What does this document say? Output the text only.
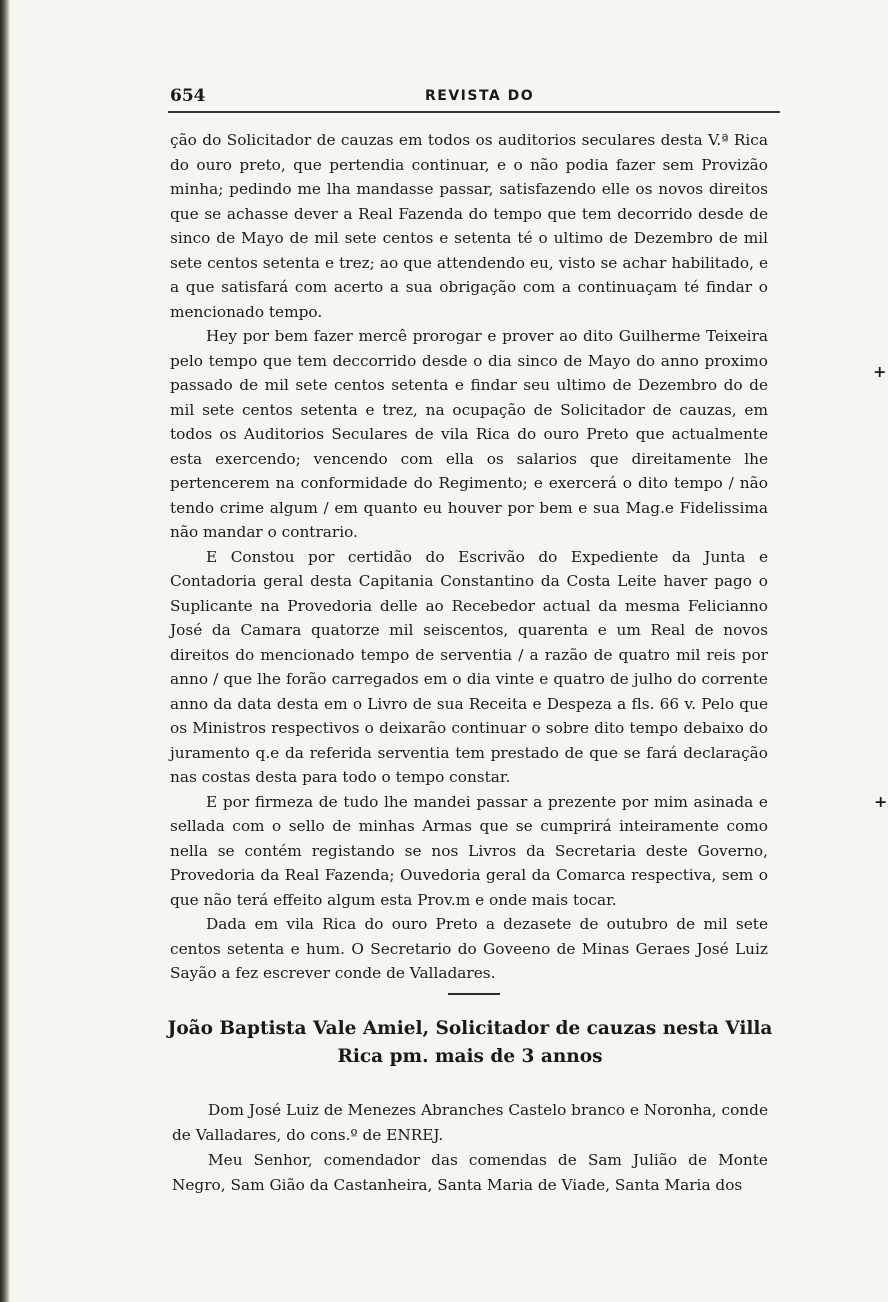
654	REVISTA DO

ção do Solicitador de cauzas em todos os auditorios seculares desta V.ª Rica do ouro preto, que pertendia continuar, e o não podia fazer sem Provizão minha; pedindo me lha mandasse passar, satisfazendo elle os novos direitos que se achasse dever a Real Fazenda do tempo que tem decorrido desde de sinco de Mayo de mil sete centos e setenta té o ultimo de Dezembro de mil sete centos setenta e trez; ao que attendendo eu, visto se achar habilitado, e a que satisfará com acerto a sua obrigação com a continuaçam té findar o mencionado tempo.

Hey por bem fazer mercê prorogar e prover ao dito Guilherme Teixeira pelo tempo que tem deccorrido desde o dia sinco de Mayo do anno proximo passado de mil sete centos setenta e findar seu ultimo de Dezembro do de mil sete centos setenta e trez, na ocupação de Solicitador de cauzas, em todos os Auditorios Seculares de vila Rica do ouro Preto que actualmente esta exercendo; vencendo com ella os salarios que direitamente lhe pertencerem na conformidade do Regimento; e exercerá o dito tempo / não tendo crime algum / em quanto eu houver por bem e sua Mag.e Fidelissima não mandar o contrario.

E Constou por certidão do Escrivão do Expediente da Junta e Contadoria geral desta Capitania Constantino da Costa Leite haver pago o Suplicante na Provedoria delle ao Recebedor actual da mesma Felicianno José da Camara quatorze mil seiscentos, quarenta e um Real de novos direitos do mencionado tempo de serventia / a razão de quatro mil reis por anno / que lhe forão carregados em o dia vinte e quatro de julho do corrente anno da data desta em o Livro de sua Receita e Despeza a fls. 66 v. Pelo que os Ministros respectivos o deixarão continuar o sobre dito tempo debaixo do juramento q.e da referida serventia tem prestado de que se fará declaração nas costas desta para todo o tempo constar.

E por firmeza de tudo lhe mandei passar a prezente por mim asinada e sellada com o sello de minhas Armas que se cumprirá inteiramente como nella se contém registando se nos Livros da Secretaria deste Governo, Provedoria da Real Fazenda; Ouvedoria geral da Comarca respectiva, sem o que não terá effeito algum esta Prov.m e onde mais tocar.

Dada em vila Rica do ouro Preto a dezasete de outubro de mil sete centos setenta e hum. O Secretario do Goveeno de Minas Geraes José Luiz Sayão a fez escrever conde de Valladares.

João Baptista Vale Amiel, Solicitador de cauzas nesta Villa Rica pm. mais de 3 annos

Dom José Luiz de Menezes Abranches Castelo branco e Noronha, conde de Valladares, do cons.º de ENREJ.

Meu Senhor, comendador das comendas de Sam Julião de Monte Negro, Sam Gião da Castanheira, Santa Maria de Viade, Santa Maria dos

+
+
